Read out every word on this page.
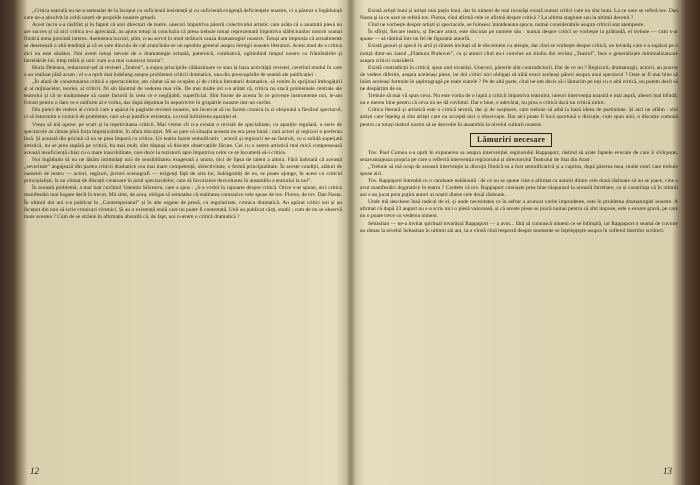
„Critica teatrală nu ne-a semnalat de la început cu suficientă insistență și cu suficientă exigență deficiențele noastre, ci a păstrat o îngăduință care ne-a absolvit în ochii noștri de propriile noastre greșeli.

Acest lucru s-a răsfrînt și în faptul că unii directori de teatre, unecori împotriva părerii colectivului artistic care arăta că o anumită piesă nu are succes și că nici critica n-o apreciază, au ajuns totuși la concluzia că piesa trebuie totuși reprezentată împotriva slăbiciunilor notorii numai fiindcă tema prezintă interes. Asemenea lucruri, știm, n-au servit în mod strălucit cauza dramaturgiei noastre. Totuși am impresia că actualmente se desenează o altă tendință și că se sare dincolo de cal aruncîndu-se un oprobiu general asupra întregii noastre literaturi. Acest mod de a critica nici nu este sănătos. Noi avem totuși nevoie de o dramaturgie actuală, puternică, combativă, ogliindind timpul nostru cu frămîntările și întrebările lui, timp mării și unic cum n-a mai cunoscut istoria”.

Horia Deleanu, redactorul-șef al revistei „Teatrul”, a expus principiile călăuzitoare ce stau la baza activității revistei, ceretînd modul în care s-au realizat pînă acum ; el s-a oprit mai îndelung asupra problemei criticii dramatice, una din preocupările de seamă ale publicației :

„În afară de consemnarea critică a spectacolelor, am căutat să ne ocupăm și de critica literaturii dramatice, să venim în sprijinul îmbogățirii și al mijloacelor, teoriei, al criticii. Ni sîn lăuntrul de vederea mai vile. De mai multe ori s-a arătat că, critica nu stacă problemele centrale ale teatrului și că se mulțumește să caute factorii în ceea ce e neglijabil, superficial. Sînt forme de acesta în ce privește instrumente noi, le-am folosit pentru o dare ce e uniform al e vorba, dar după deprimat în nepotrivire în grupările noastre intr-un cuvînt.

Din punct de vedere al criticii care a apărut în paginile revistei noastre, am încercat să nu facem cronica la zi obișnuită a fiecărui spectacol, ci să întocmim o cronică de probleme, care să-și justifice existența, ca tosă întîrzierea apariției ei.

Vreau să mă opresc pe scurt și la repetivitatea criticii. Mai vreme cît n-a existat o revistă de specialitate, cu apariție regulată, o serie de spectacole au rămas pînă forța împrejurărilor, în afara discuției. Mi se pare că situația aceasta nu era prea bună : unii actori și regizori o preferau însă. Și această din pricină că nu se prea împacă cu critica. Un teatru foarte semnificativ : actorii și regizorii ne-au înstruit, cu o solidă superjată artistică, nu se prea supără pe critică, ba mai mult, sînt dispuși să discute observațiile făcute. Cei cu o zestre artistică mai mică compensează această insuficiență chiar cu o mare irascibilitate, care duce la rezistorii apre împotriva celor ce se încumetă să-i critice.

Noi îngăduim să nu ne lăsăm intimidați nici de sensibilitatea exagerată a unora, nici de lipsa de talent a altora. Fără îndoială că această „severitate” angajează din partea criticii dramatice cea mai mare competență, obiectivitate, o fermă principialitate. În aceste condiții, alături de oamenii de teatru — actori, regizori, pictori scenografi — exigenți față de arta lor, îndrăgostiți de ea, se poate ajunge, în acest cu criticul principialiști, la un climat de discuții creatoare în jurul spectacolelor, care să favorizeze dezvoltarea în ansamblu a teatrului la noi”.

În această problemă, a mai luat cuvîntul Valentin Silvestru, care a spus : „S-a vorbit în rapoarte despre critică. Orice s-ar spune, aici critica manifestări mai bogate decît în trecut. Mă simt, de acea, obligat să semnalez că realitatea contrazice cele spuse de tov. Florea, de tov. Dan Nasta. În ultimii doi ani s-a publicat în „Contemporanul” și în alte organe de presă, cu regularitate, cronica dramatică. Au apărut critici noi și au început din nou să scrie cronicari vîrstnici. Și au o existență reală care nu poate fi contestată. Unii au publicat cărți, studii ; cum de nu se observă toate acestea ? Cum de se străuie în afirmația absurdă că, de fapt, noi n-avem o critică dramatică ?

12

Există artiști buni și artiști mai puțin buni, dar în nimeni de mai tovarăși există numai critici care nu sînt buni. La ce oare se referă tov. Dan Nasta și la ce oare se referă tov. Florea, cînd afirmă cele ce afirmă despre critică ? La ultima stagiune sau la ultimii decenii ?

Cînd ne vorbește despre artiști și spectacole, se folosesc întotdeauna spocu, numai considerabile asupra criticii stat atempeste.

În sfîrșit, fiecare teatru, și fiecare artist, este discutat pe numele său : numai despre critici se vorbește la grămadă, el trebuie — cum s-ar spune — să rămînă într-un fel de figuratie amorfă.

Există genuri și specii în artă și sîntem invitați să le discernem cu atenție, dar cînd se vorbește despre critică, un tovarăș care s-a supărat pe o notiță dintr-un ziarul „Flamura Prahovei”, ca și atunci cînd nu-i convine un studiu din revista „Teatrul”, face o generalizare minimalizatoare asupra criticii considerii.

Există contradicții în critică, spun unii tovarăși. Unecori, părerile sînt contradictorii. Dar de ce nu ? Regizorii, dramaturgii, actorii, au puncte de vedere diferite, asupra aceleiași piese, iar doi critici nici obligați să aibă exact aceleași păreri asupra unui spectacol ? Oare ar fi mai bine să luăm aceleași formule în șapbrogragă pe toate ziarele ? Pe de altă parte, cînd ne-am decis să-i lămurim pe toți cu o altă critică, nu putem decît să ne despărțim de ea.

Trebuie să mai vă spun ceva. Nu este vorba de o luptă a criticii împotriva teatrului; uneori intervenția noastră e mai aspră, alteori mai blîndă, nu e mereu bine pentru că ceva nu ne dă cuvîntul. Dar e bine, e adevărat, nu prea o critică dacă nu critică nimic.

Critica literară și artistică este o critică severă, dar și de susținere, care trebuie să aibă la bază ideea de partinitate. Și aici ne aflăm : sînt artiști care înțeleg și sînt artiști care nu acceptă nici o observație. Dar aici poate fi încă oportună o discuție, cum spun unii, o discuție comună pentru ca totuși teatrul nostru să se dezvolte în ansamblu la nivelul culturii noastre.

Lămuriri necesare

Tov. Paul Cornea s-a oprit în expunerea sa asupra intervenției regizorului Rappaport, răstind să arate faptele evocate de care li sîvîrșește, sezavantajeaza propria pe care o reflectă intervenția regizorului și directorului Teatrului de Stat din Arad :

„Trebuie să mă ocup de această intervenție la discuții fiindcă ea a fost semnificativă și a cuprins, după părerea mea, multe erori care trebuie spuse aici.

Tov. Rappaport întreabă cu o candoare nebănuită : de ce nu se spune cine a afirmat ca autorii dintre cele două războaie să nu se joace, cine a avut manifestări dogmatice în teatru ? Credem că tov. Rappaport cunoaște prea bine răspunsul la această întrebare, ca și conștiința că în ultimii ani s-au jucat prea puțini autori ai noștri dintre cele două războaie.

Unde mă deschese însă radical de el, și unde necesitatea ce în asfrur a aruncat vorbe imprudente, este în problema dramaturgiei noastre. A afirmat că după 23 august nu s-a scris nici o piesă valoroasă, și că aceste piese se joacă numai pentru că sînt impuse, este o eroare gravă, pe care nu o poate trece cu vederea nimeni.

Sebastian — ne-a invitat spiritual tovarășul Rappaport — a avut... fără să cunoască nimeni ce se întîmplă, iar Rappaport o seamă de cuvinte au rămas la nivelul Sebastian în ultimii săi ani, la o vîrstă cînd respectă despre momente se înțelepțește asupra în sufletul tinerilor scriitori.

13
